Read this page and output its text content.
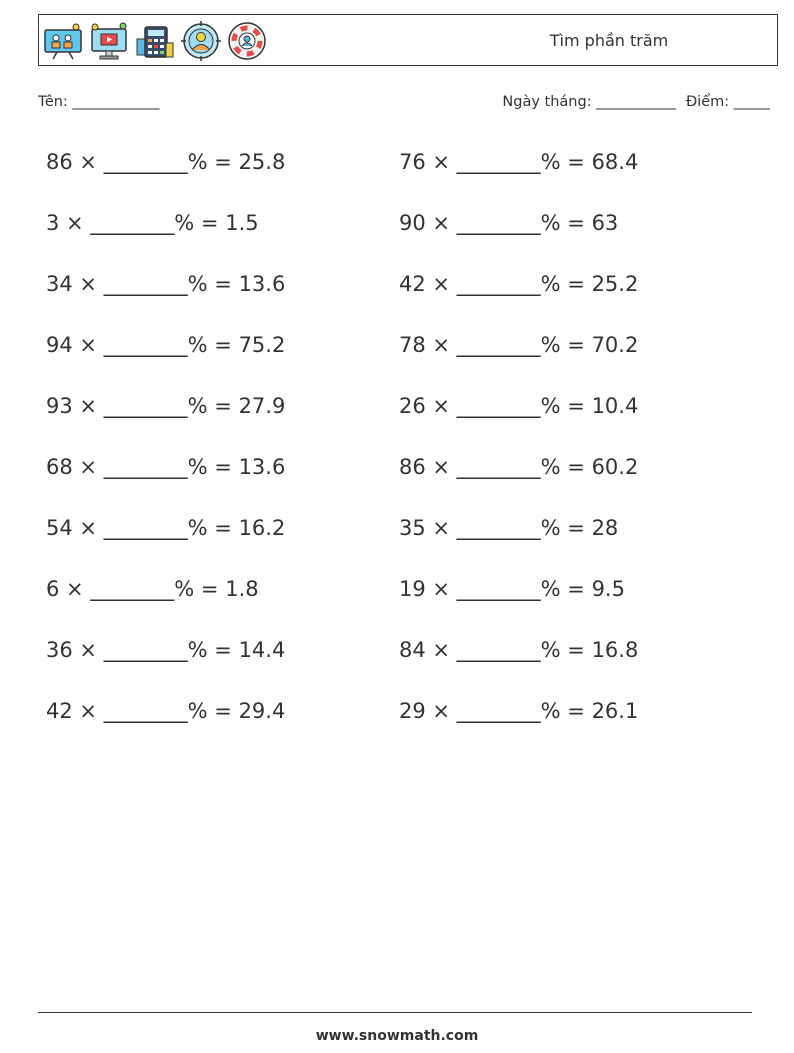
Tìm phần trăm
Tên: ____________	Ngày tháng: ___________ Điểm: _____
86 × ________% = 25.8
3 × ________% = 1.5
34 × ________% = 13.6
94 × ________% = 75.2
93 × ________% = 27.9
68 × ________% = 13.6
54 × ________% = 16.2
6 × ________% = 1.8
36 × ________% = 14.4
42 × ________% = 29.4
76 × ________% = 68.4
90 × ________% = 63
42 × ________% = 25.2
78 × ________% = 70.2
26 × ________% = 10.4
86 × ________% = 60.2
35 × ________% = 28
19 × ________% = 9.5
84 × ________% = 16.8
29 × ________% = 26.1
www.snowmath.com
